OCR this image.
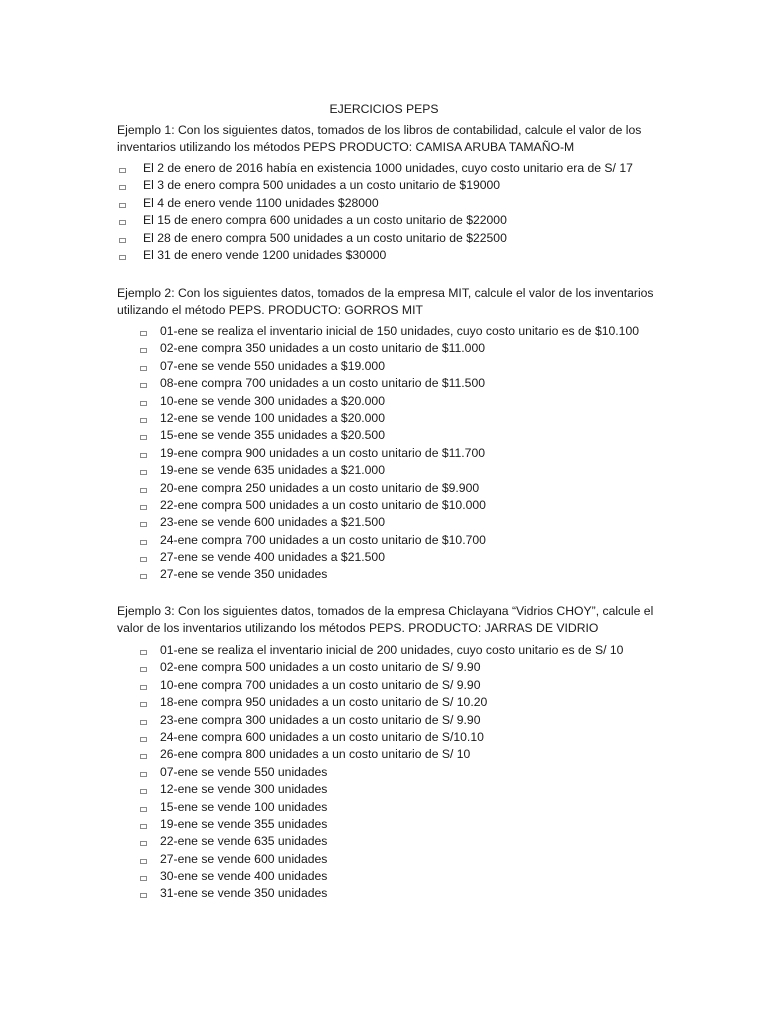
EJERCICIOS PEPS
Ejemplo 1: Con los siguientes datos, tomados de los libros de contabilidad, calcule el valor de los
inventarios utilizando los métodos PEPS PRODUCTO: CAMISA ARUBA TAMAÑO-M
El 2 de enero de 2016 había en existencia 1000 unidades, cuyo costo unitario era de S/ 17
El 3 de enero compra 500 unidades a un costo unitario de $19000
El 4 de enero vende 1100 unidades $28000
El 15 de enero compra 600 unidades a un costo unitario de $22000
El 28 de enero compra 500 unidades a un costo unitario de $22500
El 31 de enero vende 1200 unidades $30000
Ejemplo 2: Con los siguientes datos, tomados de la empresa MIT, calcule el valor de los inventarios
utilizando el método PEPS. PRODUCTO: GORROS MIT
01-ene se realiza el inventario inicial de 150 unidades, cuyo costo unitario es de $10.100
02-ene compra 350 unidades a un costo unitario de $11.000
07-ene se vende 550 unidades a $19.000
08-ene compra 700 unidades a un costo unitario de $11.500
10-ene se vende 300 unidades a $20.000
12-ene se vende 100 unidades a $20.000
15-ene se vende 355 unidades a $20.500
19-ene compra 900 unidades a un costo unitario de $11.700
19-ene se vende 635 unidades a $21.000
20-ene compra 250 unidades a un costo unitario de $9.900
22-ene compra 500 unidades a un costo unitario de $10.000
23-ene se vende 600 unidades a $21.500
24-ene compra 700 unidades a un costo unitario de $10.700
27-ene se vende 400 unidades a $21.500
27-ene se vende 350 unidades
Ejemplo 3: Con los siguientes datos, tomados de la empresa Chiclayana “Vidrios CHOY”, calcule el
valor de los inventarios utilizando los métodos PEPS. PRODUCTO: JARRAS DE VIDRIO
01-ene se realiza el inventario inicial de 200 unidades, cuyo costo unitario es de S/ 10
02-ene compra 500 unidades a un costo unitario de S/ 9.90
10-ene compra 700 unidades a un costo unitario de S/ 9.90
18-ene compra 950 unidades a un costo unitario de S/ 10.20
23-ene compra 300 unidades a un costo unitario de S/ 9.90
24-ene compra 600 unidades a un costo unitario de S/10.10
26-ene compra 800 unidades a un costo unitario de S/ 10
07-ene se vende 550 unidades
12-ene se vende 300 unidades
15-ene se vende 100 unidades
19-ene se vende 355 unidades
22-ene se vende 635 unidades
27-ene se vende 600 unidades
30-ene se vende 400 unidades
31-ene se vende 350 unidades
